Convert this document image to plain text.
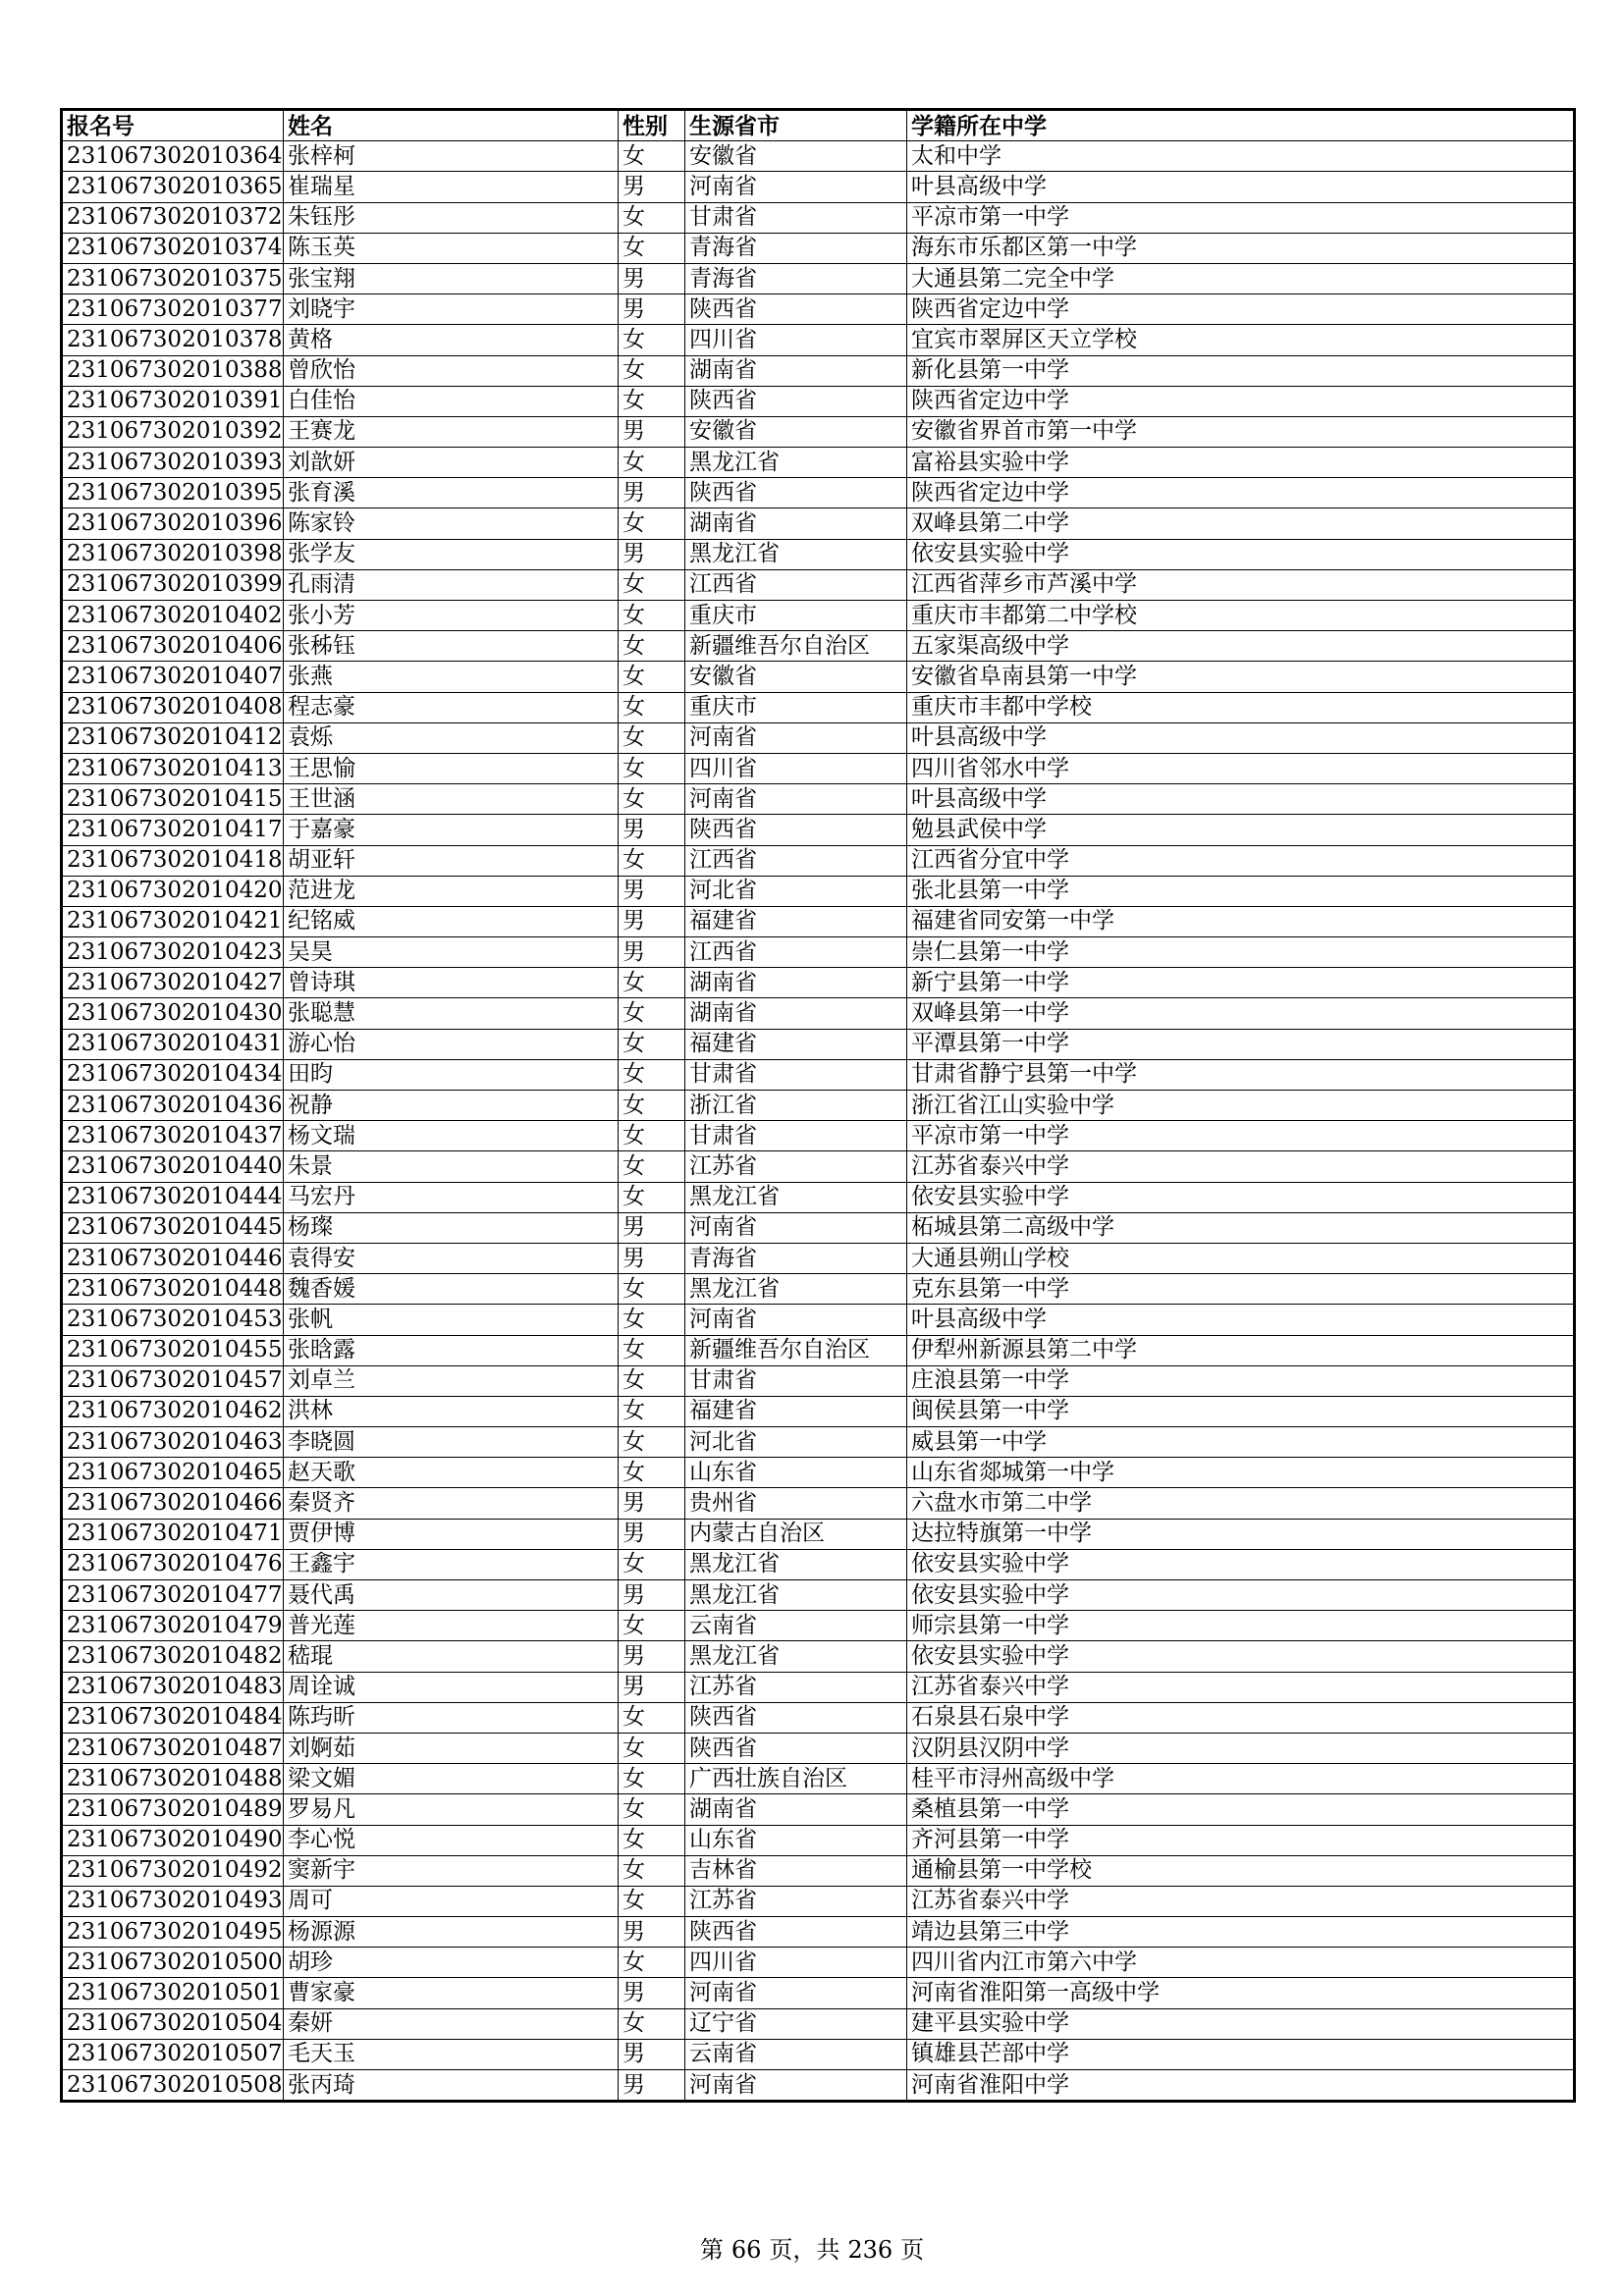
报名号	姓名	性别	生源省市	学籍所在中学
231067302010364	张梓柯	女	安徽省	太和中学
231067302010365	崔瑞星	男	河南省	叶县高级中学
231067302010372	朱钰彤	女	甘肃省	平凉市第一中学
231067302010374	陈玉英	女	青海省	海东市乐都区第一中学
231067302010375	张宝翔	男	青海省	大通县第二完全中学
231067302010377	刘晓宇	男	陕西省	陕西省定边中学
231067302010378	黄格	女	四川省	宜宾市翠屏区天立学校
231067302010388	曾欣怡	女	湖南省	新化县第一中学
231067302010391	白佳怡	女	陕西省	陕西省定边中学
231067302010392	王赛龙	男	安徽省	安徽省界首市第一中学
231067302010393	刘歆妍	女	黑龙江省	富裕县实验中学
231067302010395	张育溪	男	陕西省	陕西省定边中学
231067302010396	陈家铃	女	湖南省	双峰县第二中学
231067302010398	张学友	男	黑龙江省	依安县实验中学
231067302010399	孔雨清	女	江西省	江西省萍乡市芦溪中学
231067302010402	张小芳	女	重庆市	重庆市丰都第二中学校
231067302010406	张秭钰	女	新疆维吾尔自治区	五家渠高级中学
231067302010407	张燕	女	安徽省	安徽省阜南县第一中学
231067302010408	程志豪	女	重庆市	重庆市丰都中学校
231067302010412	袁烁	女	河南省	叶县高级中学
231067302010413	王思愉	女	四川省	四川省邻水中学
231067302010415	王世涵	女	河南省	叶县高级中学
231067302010417	于嘉豪	男	陕西省	勉县武侯中学
231067302010418	胡亚轩	女	江西省	江西省分宜中学
231067302010420	范进龙	男	河北省	张北县第一中学
231067302010421	纪铭威	男	福建省	福建省同安第一中学
231067302010423	吴昊	男	江西省	崇仁县第一中学
231067302010427	曾诗琪	女	湖南省	新宁县第一中学
231067302010430	张聪慧	女	湖南省	双峰县第一中学
231067302010431	游心怡	女	福建省	平潭县第一中学
231067302010434	田昀	女	甘肃省	甘肃省静宁县第一中学
231067302010436	祝静	女	浙江省	浙江省江山实验中学
231067302010437	杨文瑞	女	甘肃省	平凉市第一中学
231067302010440	朱景	女	江苏省	江苏省泰兴中学
231067302010444	马宏丹	女	黑龙江省	依安县实验中学
231067302010445	杨璨	男	河南省	柘城县第二高级中学
231067302010446	袁得安	男	青海省	大通县朔山学校
231067302010448	魏香媛	女	黑龙江省	克东县第一中学
231067302010453	张帆	女	河南省	叶县高级中学
231067302010455	张晗露	女	新疆维吾尔自治区	伊犁州新源县第二中学
231067302010457	刘卓兰	女	甘肃省	庄浪县第一中学
231067302010462	洪林	女	福建省	闽侯县第一中学
231067302010463	李晓圆	女	河北省	威县第一中学
231067302010465	赵天歌	女	山东省	山东省郯城第一中学
231067302010466	秦贤齐	男	贵州省	六盘水市第二中学
231067302010471	贾伊博	男	内蒙古自治区	达拉特旗第一中学
231067302010476	王鑫宇	女	黑龙江省	依安县实验中学
231067302010477	聂代禹	男	黑龙江省	依安县实验中学
231067302010479	普光莲	女	云南省	师宗县第一中学
231067302010482	嵇琨	男	黑龙江省	依安县实验中学
231067302010483	周诠诚	男	江苏省	江苏省泰兴中学
231067302010484	陈玙昕	女	陕西省	石泉县石泉中学
231067302010487	刘婀茹	女	陕西省	汉阴县汉阴中学
231067302010488	梁文媚	女	广西壮族自治区	桂平市浔州高级中学
231067302010489	罗易凡	女	湖南省	桑植县第一中学
231067302010490	李心悦	女	山东省	齐河县第一中学
231067302010492	窦新宇	女	吉林省	通榆县第一中学校
231067302010493	周可	女	江苏省	江苏省泰兴中学
231067302010495	杨源源	男	陕西省	靖边县第三中学
231067302010500	胡珍	女	四川省	四川省内江市第六中学
231067302010501	曹家豪	男	河南省	河南省淮阳第一高级中学
231067302010504	秦妍	女	辽宁省	建平县实验中学
231067302010507	毛天玉	男	云南省	镇雄县芒部中学
231067302010508	张丙琦	男	河南省	河南省淮阳中学
第 66 页，共 236 页
